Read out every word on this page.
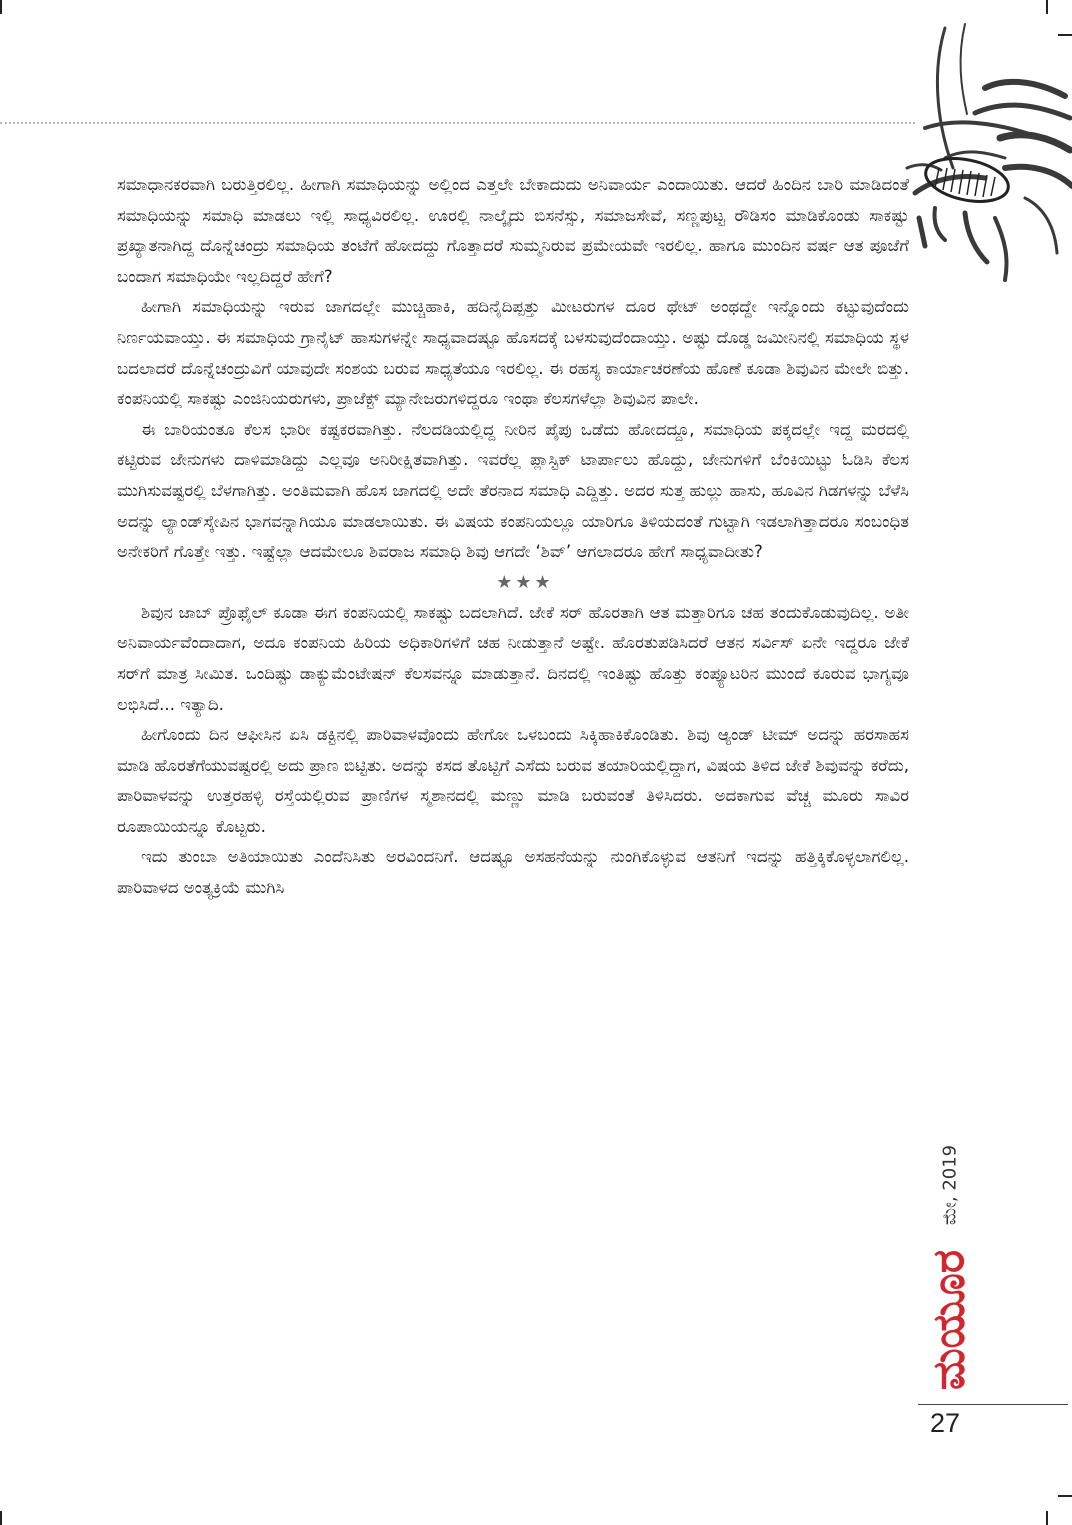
ಸಮಾಧಾನಕರವಾಗಿ ಬರುತ್ತಿರಲಿಲ್ಲ. ಹೀಗಾಗಿ ಸಮಾಧಿಯನ್ನು ಅಲ್ಲಿಂದ ಎತ್ತಲೇ ಬೇಕಾದುದು ಅನಿವಾರ್ಯ ಎಂದಾಯಿತು. ಆದರೆ ಹಿಂದಿನ ಬಾರಿ ಮಾಡಿದಂತೆ ಸಮಾಧಿಯನ್ನು ಸಮಾಧಿ ಮಾಡಲು ಇಲ್ಲಿ ಸಾಧ್ಯವಿರಲಿಲ್ಲ. ಊರಲ್ಲಿ ನಾಲ್ಕೈದು ಬಿಸನೆಸ್ಸು, ಸಮಾಜಸೇವೆ, ಸಣ್ಣಪುಟ್ಟ ರೌಡಿಸಂ ಮಾಡಿಕೊಂಡು ಸಾಕಷ್ಟು ಪ್ರಖ್ಯಾತನಾಗಿದ್ದ ದೊನ್ನೆಚಂದ್ರು ಸಮಾಧಿಯ ತಂಟೆಗೆ ಹೋದದ್ದು ಗೊತ್ತಾದರೆ ಸುಮ್ಮನಿರುವ ಪ್ರಮೇಯವೇ ಇರಲಿಲ್ಲ. ಹಾಗೂ ಮುಂದಿನ ವರ್ಷ ಆತ ಪೂಜೆಗೆ ಬಂದಾಗ ಸಮಾಧಿಯೇ ಇಲ್ಲದಿದ್ದರೆ ಹೇಗೆ?

ಹೀಗಾಗಿ ಸಮಾಧಿಯನ್ನು ಇರುವ ಜಾಗದಲ್ಲೇ ಮುಚ್ಚಿಹಾಕಿ, ಹದಿನೈದಿಪ್ಪತ್ತು ಮೀಟರುಗಳ ದೂರ ಥೇಟ್ ಅಂಥದ್ದೇ ಇನ್ನೊಂದು ಕಟ್ಟುವುದೆಂದು ನಿರ್ಣಯವಾಯ್ತು. ಈ ಸಮಾಧಿಯ ಗ್ರಾನೈಟ್ ಹಾಸುಗಳನ್ನೇ ಸಾಧ್ಯವಾದಷ್ಟೂ ಹೊಸದಕ್ಕೆ ಬಳಸುವುದೆಂದಾಯ್ತು. ಅಷ್ಟು ದೊಡ್ಡ ಜಮೀನಿನಲ್ಲಿ ಸಮಾಧಿಯ ಸ್ಥಳ ಬದಲಾದರೆ ದೊನ್ನೆಚಂದ್ರುವಿಗೆ ಯಾವುದೇ ಸಂಶಯ ಬರುವ ಸಾಧ್ಯತೆಯೂ ಇರಲಿಲ್ಲ. ಈ ರಹಸ್ಯ ಕಾರ್ಯಾಚರಣೆಯ ಹೊಣೆ ಕೂಡಾ ಶಿವುವಿನ ಮೇಲೇ ಬಿತ್ತು. ಕಂಪನಿಯಲ್ಲಿ ಸಾಕಷ್ಟು ಎಂಜಿನಿಯರುಗಳು, ಪ್ರಾಜೆಕ್ಟ್ ಮ್ಯಾನೇಜರುಗಳಿದ್ದರೂ ಇಂಥಾ ಕೆಲಸಗಳೆಲ್ಲಾ ಶಿವುವಿನ ಪಾಲೇ.

ಈ ಬಾರಿಯಂತೂ ಕೆಲಸ ಭಾರೀ ಕಷ್ಟಕರವಾಗಿತ್ತು. ನೆಲದಡಿಯಲ್ಲಿದ್ದ ನೀರಿನ ಪೈಪು ಒಡೆದು ಹೋದದ್ದೂ, ಸಮಾಧಿಯ ಪಕ್ಕದಲ್ಲೇ ಇದ್ದ ಮರದಲ್ಲಿ ಕಟ್ಟಿರುವ ಜೇನುಗಳು ದಾಳಿಮಾಡಿದ್ದು ಎಲ್ಲವೂ ಅನಿರೀಕ್ಷಿತವಾಗಿತ್ತು. ಇವರೆಲ್ಲ ಪ್ಲಾಸ್ಟಿಕ್ ಟಾರ್ಪಾಲು ಹೊದ್ದು, ಜೇನುಗಳಿಗೆ ಬೆಂಕಿಯಿಟ್ಟು ಓಡಿಸಿ ಕೆಲಸ ಮುಗಿಸುವಷ್ಟರಲ್ಲಿ ಬೆಳಗಾಗಿತ್ತು. ಅಂತಿಮವಾಗಿ ಹೊಸ ಜಾಗದಲ್ಲಿ ಅದೇ ತೆರನಾದ ಸಮಾಧಿ ಎದ್ದಿತ್ತು. ಅದರ ಸುತ್ತ ಹುಲ್ಲು ಹಾಸು, ಹೂವಿನ ಗಿಡಗಳನ್ನು ಬೆಳೆಸಿ ಅದನ್ನು ಲ್ಯಾಂಡ್‌ಸ್ಕೇಪಿನ ಭಾಗವನ್ನಾಗಿಯೂ ಮಾಡಲಾಯಿತು. ಈ ವಿಷಯ ಕಂಪನಿಯಲ್ಲೂ ಯಾರಿಗೂ ತಿಳಿಯದಂತೆ ಗುಟ್ಟಾಗಿ ಇಡಲಾಗಿತ್ತಾದರೂ ಸಂಬಂಧಿತ ಅನೇಕರಿಗೆ ಗೊತ್ತೇ ಇತ್ತು. ಇಷ್ಟೆಲ್ಲಾ ಆದಮೇಲೂ ಶಿವರಾಜ ಸಮಾಧಿ ಶಿವು ಆಗದೇ ‘ಶಿವ್’ ಆಗಲಾದರೂ ಹೇಗೆ ಸಾಧ್ಯವಾದೀತು?

★★★

ಶಿವುನ ಜಾಬ್ ಪ್ರೊಫೈಲ್ ಕೂಡಾ ಈಗ ಕಂಪನಿಯಲ್ಲಿ ಸಾಕಷ್ಟು ಬದಲಾಗಿದೆ. ಜೇಕೆ ಸರ್ ಹೊರತಾಗಿ ಆತ ಮತ್ತಾರಿಗೂ ಚಹ ತಂದುಕೊಡುವುದಿಲ್ಲ. ಅತೀ ಅನಿವಾರ್ಯವೆಂದಾದಾಗ, ಅದೂ ಕಂಪನಿಯ ಹಿರಿಯ ಅಧಿಕಾರಿಗಳಿಗೆ ಚಹ ನೀಡುತ್ತಾನೆ ಅಷ್ಟೇ. ಹೊರತುಪಡಿಸಿದರೆ ಆತನ ಸರ್ವಿಸ್ ಏನೇ ಇದ್ದರೂ ಜೇಕೆ ಸರ್‌ಗೆ ಮಾತ್ರ ಸೀಮಿತ. ಒಂದಿಷ್ಟು ಡಾಕ್ಯುಮೆಂಟೇಷನ್ ಕೆಲಸವನ್ನೂ ಮಾಡುತ್ತಾನೆ. ದಿನದಲ್ಲಿ ಇಂತಿಷ್ಟು ಹೊತ್ತು ಕಂಪ್ಯೂಟರಿನ ಮುಂದೆ ಕೂರುವ ಭಾಗ್ಯವೂ ಲಭಿಸಿದೆ... ಇತ್ಯಾದಿ.

ಹೀಗೊಂದು ದಿನ ಆಫೀಸಿನ ಏಸಿ ಡಕ್ಟಿನಲ್ಲಿ ಪಾರಿವಾಳವೊಂದು ಹೇಗೋ ಒಳಬಂದು ಸಿಕ್ಕಿಹಾಕಿಕೊಂಡಿತು. ಶಿವು ಆ್ಯಂಡ್ ಟೀಮ್ ಅದನ್ನು ಹರಸಾಹಸ ಮಾಡಿ ಹೊರತೆಗೆಯುವಷ್ಟರಲ್ಲಿ ಅದು ಪ್ರಾಣ ಬಿಟ್ಟಿತು. ಅದನ್ನು ಕಸದ ತೊಟ್ಟಿಗೆ ಎಸೆದು ಬರುವ ತಯಾರಿಯಲ್ಲಿದ್ದಾಗ, ವಿಷಯ ತಿಳಿದ ಜೇಕೆ ಶಿವುವನ್ನು ಕರೆದು, ಪಾರಿವಾಳವನ್ನು ಉತ್ತರಹಳ್ಳಿ ರಸ್ತೆಯಲ್ಲಿರುವ ಪ್ರಾಣಿಗಳ ಸ್ಮಶಾನದಲ್ಲಿ ಮಣ್ಣು ಮಾಡಿ ಬರುವಂತೆ ತಿಳಿಸಿದರು. ಅದಕಾಗುವ ವೆಚ್ಚ ಮೂರು ಸಾವಿರ ರೂಪಾಯಿಯನ್ನೂ ಕೊಟ್ಟರು.

ಇದು ತುಂಬಾ ಅತಿಯಾಯಿತು ಎಂದೆನಿಸಿತು ಅರವಿಂದನಿಗೆ. ಆದಷ್ಟೂ ಅಸಹನೆಯನ್ನು ನುಂಗಿಕೊಳ್ಳುವ ಆತನಿಗೆ ಇದನ್ನು ಹತ್ತಿಕ್ಕಿಕೊಳ್ಳಲಾಗಲಿಲ್ಲ. ಪಾರಿವಾಳದ ಅಂತ್ಯಕ್ರಿಯೆ ಮುಗಿಸಿ

ಮೇ, 2019
ಮಯೂರ
27
